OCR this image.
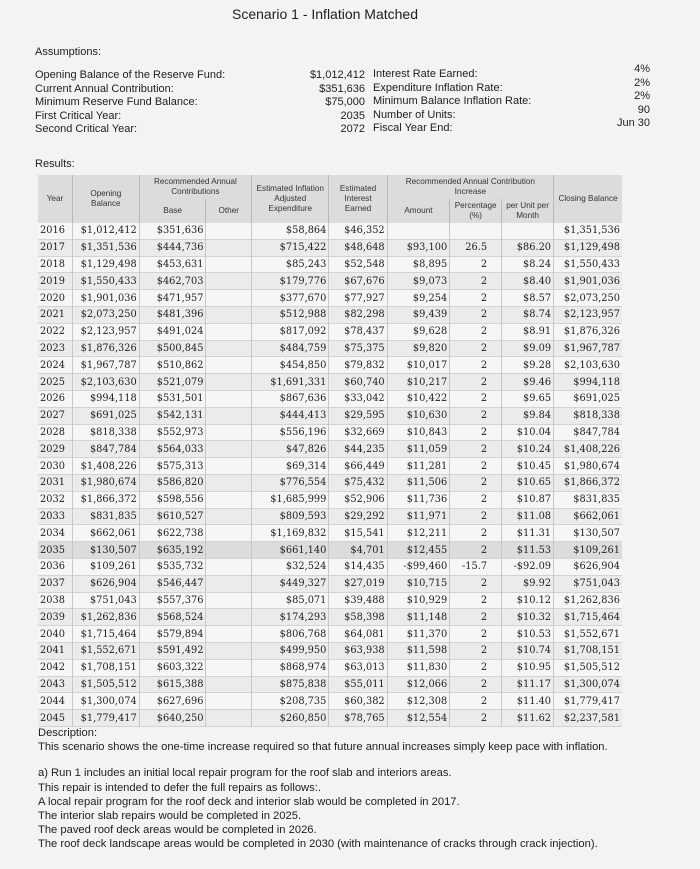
Scenario 1 - Inflation Matched
Assumptions:
Opening Balance of the Reserve Fund:	$1,012,412 Interest Rate Earned:	4%
Current Annual Contribution:	$351,636 Expenditure Inflation Rate:	2%
Minimum Reserve Fund Balance:	$75,000 Minimum Balance Inflation Rate:	2%
First Critical Year:	2035 Number of Units:	90
Second Critical Year:	2072 Fiscal Year End:	Jun 30
Results:
Year	Opening Balance	Recommended Annual Contributions		Estimated Inflation Adjusted Expenditure	Estimated Interest Earned	Recommended Annual Contribution Increase			Closing Balance
		Base	Other			Amount	Percentage (%)	per Unit per Month	
2016	$1,012,412	$351,636		$58,864	$46,352				$1,351,536
2017	$1,351,536	$444,736		$715,422	$48,648	$93,100	26.5	$86.20	$1,129,498
2018	$1,129,498	$453,631		$85,243	$52,548	$8,895	2	$8.24	$1,550,433
2019	$1,550,433	$462,703		$179,776	$67,676	$9,073	2	$8.40	$1,901,036
2020	$1,901,036	$471,957		$377,670	$77,927	$9,254	2	$8.57	$2,073,250
2021	$2,073,250	$481,396		$512,988	$82,298	$9,439	2	$8.74	$2,123,957
2022	$2,123,957	$491,024		$817,092	$78,437	$9,628	2	$8.91	$1,876,326
2023	$1,876,326	$500,845		$484,759	$75,375	$9,820	2	$9.09	$1,967,787
2024	$1,967,787	$510,862		$454,850	$79,832	$10,017	2	$9.28	$2,103,630
2025	$2,103,630	$521,079		$1,691,331	$60,740	$10,217	2	$9.46	$994,118
2026	$994,118	$531,501		$867,636	$33,042	$10,422	2	$9.65	$691,025
2027	$691,025	$542,131		$444,413	$29,595	$10,630	2	$9.84	$818,338
2028	$818,338	$552,973		$556,196	$32,669	$10,843	2	$10.04	$847,784
2029	$847,784	$564,033		$47,826	$44,235	$11,059	2	$10.24	$1,408,226
2030	$1,408,226	$575,313		$69,314	$66,449	$11,281	2	$10.45	$1,980,674
2031	$1,980,674	$586,820		$776,554	$75,432	$11,506	2	$10.65	$1,866,372
2032	$1,866,372	$598,556		$1,685,999	$52,906	$11,736	2	$10.87	$831,835
2033	$831,835	$610,527		$809,593	$29,292	$11,971	2	$11.08	$662,061
2034	$662,061	$622,738		$1,169,832	$15,541	$12,211	2	$11.31	$130,507
2035	$130,507	$635,192		$661,140	$4,701	$12,455	2	$11.53	$109,261
2036	$109,261	$535,732		$32,524	$14,435	-$99,460	-15.7	-$92.09	$626,904
2037	$626,904	$546,447		$449,327	$27,019	$10,715	2	$9.92	$751,043
2038	$751,043	$557,376		$85,071	$39,488	$10,929	2	$10.12	$1,262,836
2039	$1,262,836	$568,524		$174,293	$58,398	$11,148	2	$10.32	$1,715,464
2040	$1,715,464	$579,894		$806,768	$64,081	$11,370	2	$10.53	$1,552,671
2041	$1,552,671	$591,492		$499,950	$63,938	$11,598	2	$10.74	$1,708,151
2042	$1,708,151	$603,322		$868,974	$63,013	$11,830	2	$10.95	$1,505,512
2043	$1,505,512	$615,388		$875,838	$55,011	$12,066	2	$11.17	$1,300,074
2044	$1,300,074	$627,696		$208,735	$60,382	$12,308	2	$11.40	$1,779,417
2045	$1,779,417	$640,250		$260,850	$78,765	$12,554	2	$11.62	$2,237,581

Description:

This scenario shows the one-time increase required so that future annual increases simply keep pace with inflation.

a) Run 1 includes an initial local repair program for the roof slab and interiors areas.

This repair is intended to defer the full repairs as follows:.

A local repair program for the roof deck and interior slab would be completed in 2017.

The interior slab repairs would be completed in 2025.

The paved roof deck areas would be completed in 2026.

The roof deck landscape areas would be completed in 2030 (with maintenance of cracks through crack injection).
